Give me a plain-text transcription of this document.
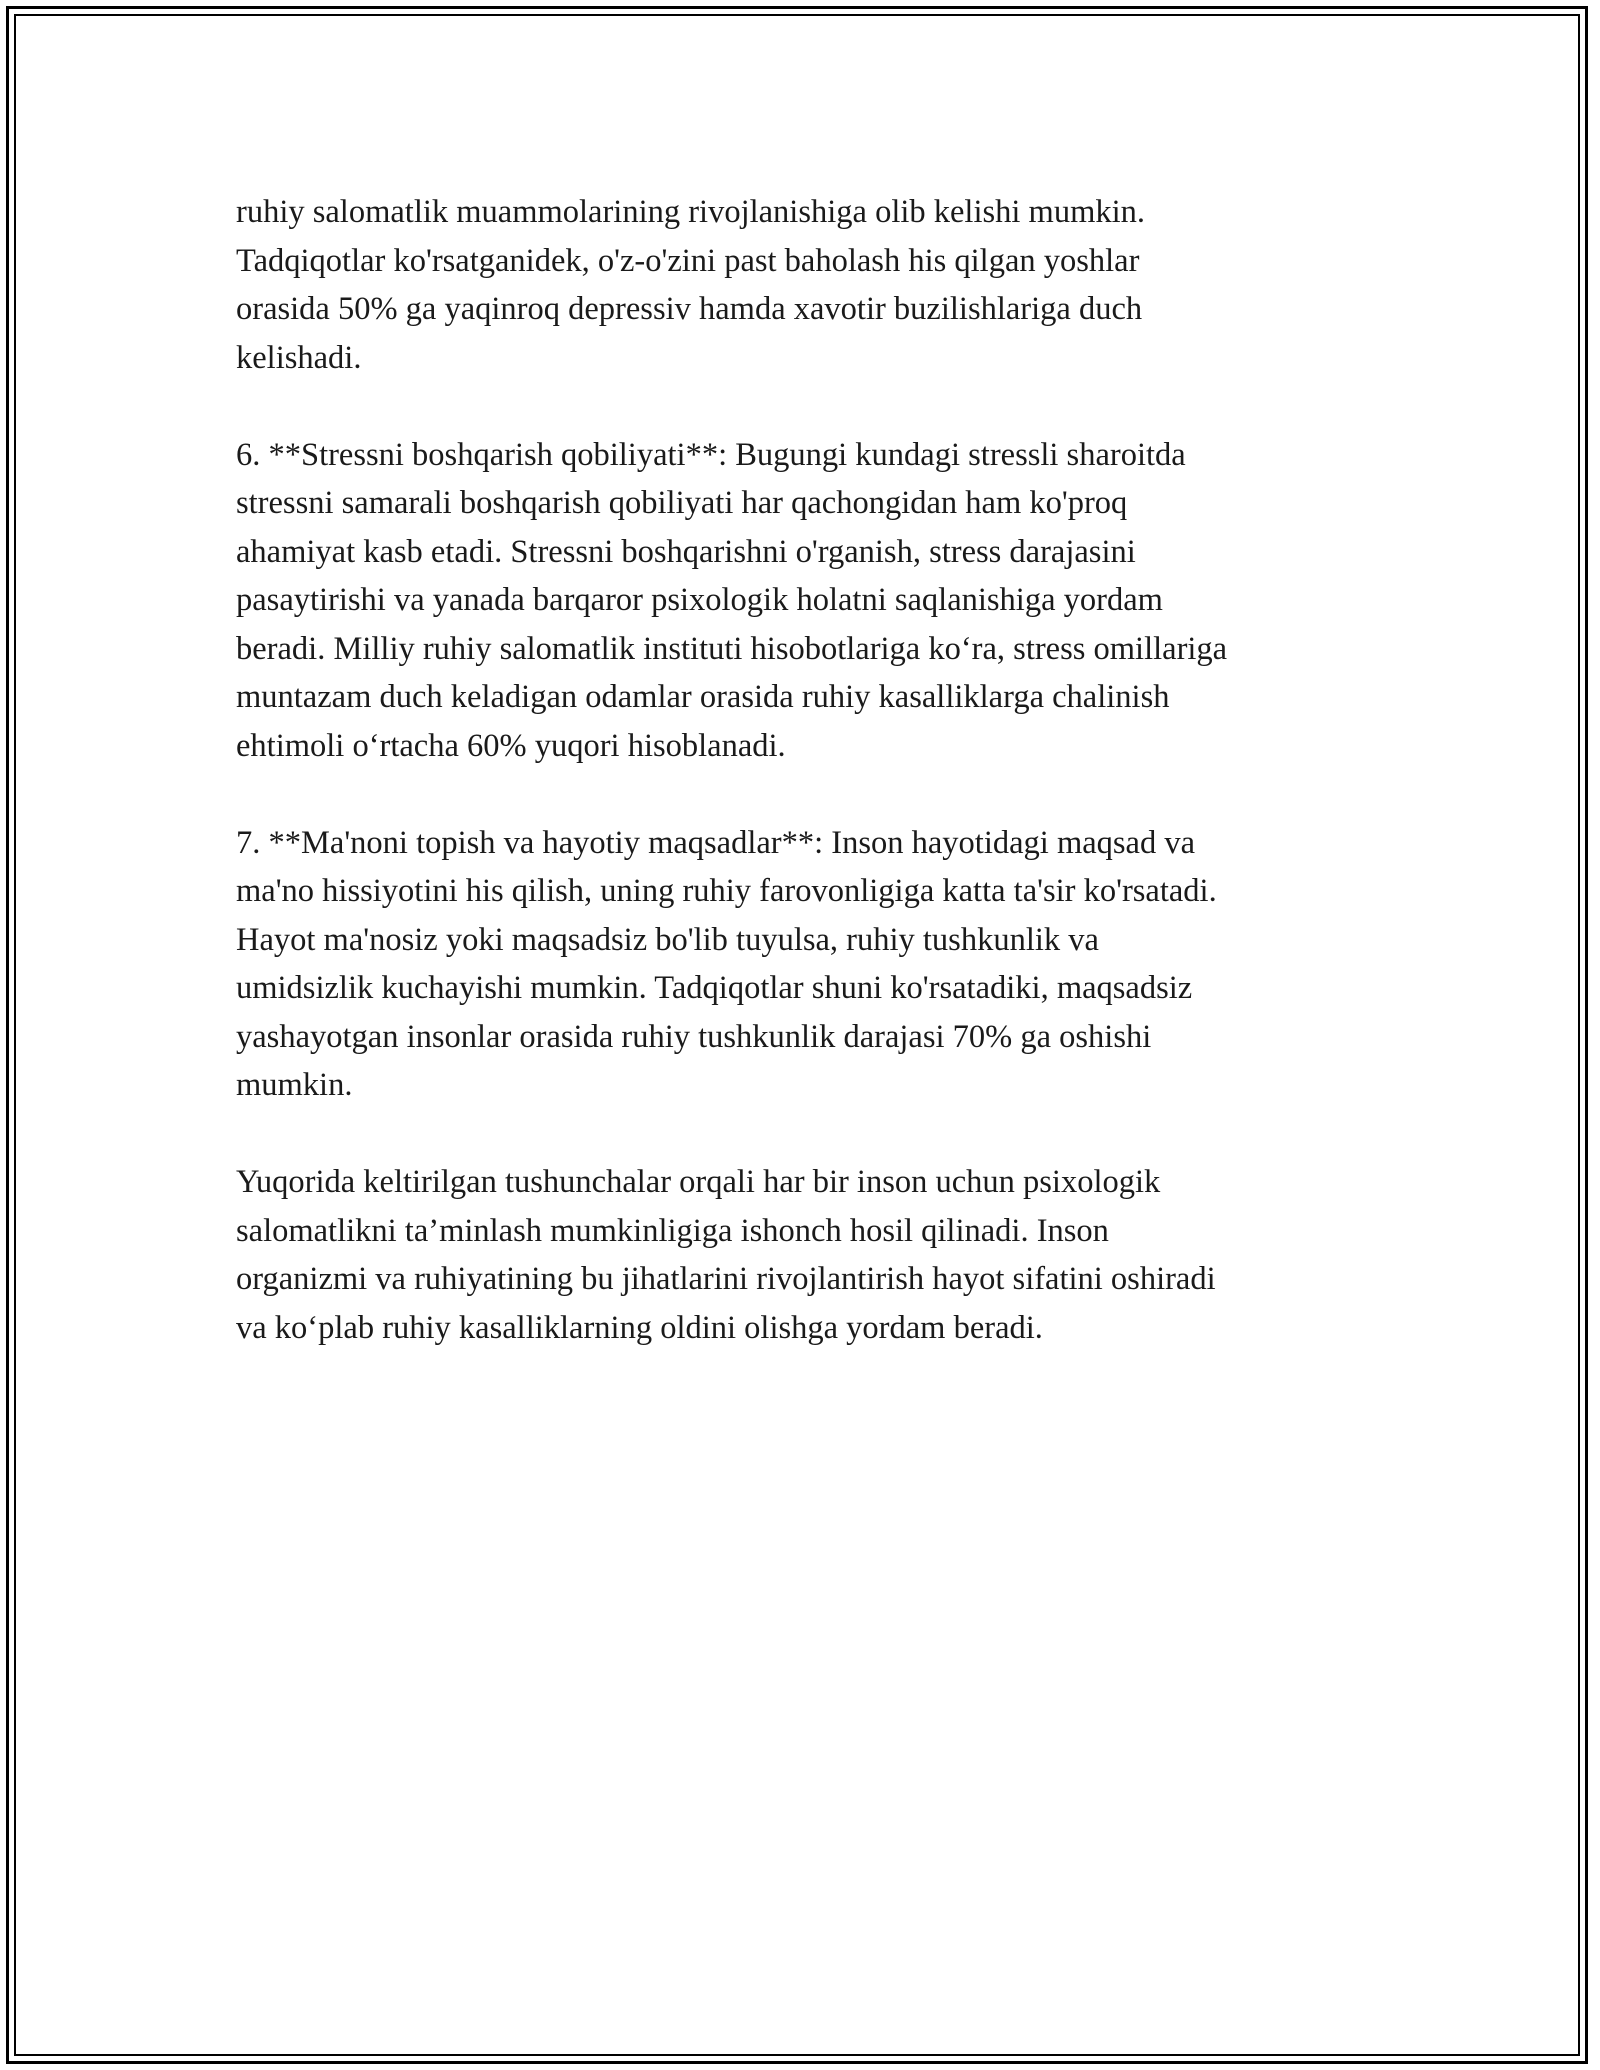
ruhiy salomatlik muammolarining rivojlanishiga olib kelishi mumkin.
Tadqiqotlar ko'rsatganidek, o'z-o'zini past baholash his qilgan yoshlar
orasida 50% ga yaqinroq depressiv hamda xavotir buzilishlariga duch
kelishadi.

6. **Stressni boshqarish qobiliyati**: Bugungi kundagi stressli sharoitda
stressni samarali boshqarish qobiliyati har qachongidan ham ko'proq
ahamiyat kasb etadi. Stressni boshqarishni o'rganish, stress darajasini
pasaytirishi va yanada barqaror psixologik holatni saqlanishiga yordam
beradi. Milliy ruhiy salomatlik instituti hisobotlariga ko‘ra, stress omillariga
muntazam duch keladigan odamlar orasida ruhiy kasalliklarga chalinish
ehtimoli o‘rtacha 60% yuqori hisoblanadi.

7. **Ma'noni topish va hayotiy maqsadlar**: Inson hayotidagi maqsad va
ma'no hissiyotini his qilish, uning ruhiy farovonligiga katta ta'sir ko'rsatadi.
Hayot ma'nosiz yoki maqsadsiz bo'lib tuyulsa, ruhiy tushkunlik va
umidsizlik kuchayishi mumkin. Tadqiqotlar shuni ko'rsatadiki, maqsadsiz
yashayotgan insonlar orasida ruhiy tushkunlik darajasi 70% ga oshishi
mumkin.

Yuqorida keltirilgan tushunchalar orqali har bir inson uchun psixologik
salomatlikni ta’minlash mumkinligiga ishonch hosil qilinadi. Inson
organizmi va ruhiyatining bu jihatlarini rivojlantirish hayot sifatini oshiradi
va ko‘plab ruhiy kasalliklarning oldini olishga yordam beradi.
